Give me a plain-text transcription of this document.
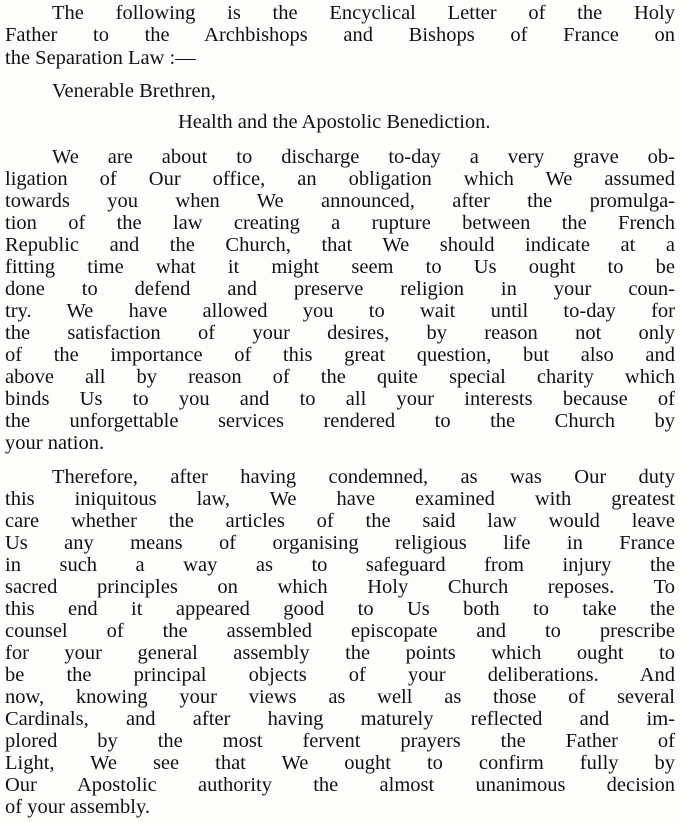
The following is the Encyclical Letter of the Holy
Father to the Archbishops and Bishops of France on
the Separation Law :—
Venerable Brethren,
Health and the Apostolic Benediction.
We are about to discharge to-day a very grave ob-
ligation of Our office, an obligation which We assumed
towards you when We announced, after the promulga-
tion of the law creating a rupture between the French
Republic and the Church, that We should indicate at a
fitting time what it might seem to Us ought to be
done to defend and preserve religion in your coun-
try. We have allowed you to wait until to-day for
the satisfaction of your desires, by reason not only
of the importance of this great question, but also and
above all by reason of the quite special charity which
binds Us to you and to all your interests because of
the unforgettable services rendered to the Church by
your nation.
Therefore, after having condemned, as was Our duty
this iniquitous law, We have examined with greatest
care whether the articles of the said law would leave
Us any means of organising religious life in France
in such a way as to safeguard from injury the
sacred principles on which Holy Church reposes. To
this end it appeared good to Us both to take the
counsel of the assembled episcopate and to prescribe
for your general assembly the points which ought to
be the principal objects of your deliberations. And
now, knowing your views as well as those of several
Cardinals, and after having maturely reflected and im-
plored by the most fervent prayers the Father of
Light, We see that We ought to confirm fully by
Our Apostolic authority the almost unanimous decision
of your assembly.
